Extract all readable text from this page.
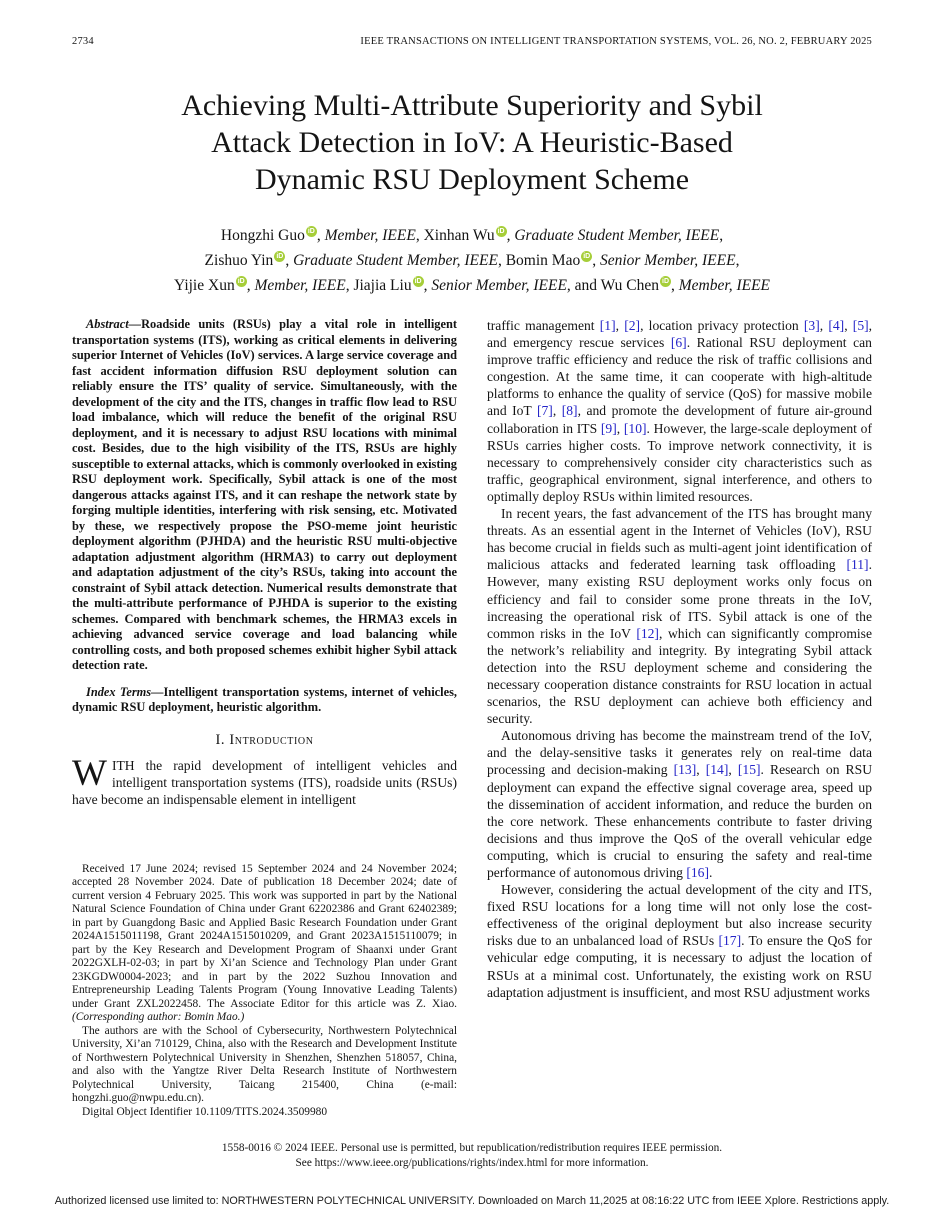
2734	IEEE TRANSACTIONS ON INTELLIGENT TRANSPORTATION SYSTEMS, VOL. 26, NO. 2, FEBRUARY 2025
Achieving Multi-Attribute Superiority and Sybil
Attack Detection in IoV: A Heuristic-Based
Dynamic RSU Deployment Scheme
Hongzhi Guo iD , Member, IEEE, Xinhan Wu iD , Graduate Student Member, IEEE,
Zishuo Yin iD , Graduate Student Member, IEEE, Bomin Mao iD , Senior Member, IEEE,
Yijie Xun iD , Member, IEEE, Jiajia Liu iD , Senior Member, IEEE, and Wu Chen iD , Member, IEEE

Abstract—Roadside units (RSUs) play a vital role in intelligent transportation systems (ITS), working as critical elements in delivering superior Internet of Vehicles (IoV) services. A large service coverage and fast accident information diffusion RSU deployment solution can reliably ensure the ITS’ quality of service. Simultaneously, with the development of the city and the ITS, changes in traffic flow lead to RSU load imbalance, which will reduce the benefit of the original RSU deployment, and it is necessary to adjust RSU locations with minimal cost. Besides, due to the high visibility of the ITS, RSUs are highly susceptible to external attacks, which is commonly overlooked in existing RSU deployment work. Specifically, Sybil attack is one of the most dangerous attacks against ITS, and it can reshape the network state by forging multiple identities, interfering with risk sensing, etc. Motivated by these, we respectively propose the PSO-meme joint heuristic deployment algorithm (PJHDA) and the heuristic RSU multi-objective adaptation adjustment algorithm (HRMA3) to carry out deployment and adaptation adjustment of the city’s RSUs, taking into account the constraint of Sybil attack detection. Numerical results demonstrate that the multi-attribute performance of PJHDA is superior to the existing schemes. Compared with benchmark schemes, the HRMA3 excels in achieving advanced service coverage and load balancing while controlling costs, and both proposed schemes exhibit higher Sybil attack detection rate.

Index Terms—Intelligent transportation systems, internet of vehicles, dynamic RSU deployment, heuristic algorithm.

I. Introduction

WITH the rapid development of intelligent vehicles and intelligent transportation systems (ITS), roadside units (RSUs) have become an indispensable element in intelligent

Received 17 June 2024; revised 15 September 2024 and 24 November 2024; accepted 28 November 2024. Date of publication 18 December 2024; date of current version 4 February 2025. This work was supported in part by the National Natural Science Foundation of China under Grant 62202386 and Grant 62402389; in part by Guangdong Basic and Applied Basic Research Foundation under Grant 2024A1515011198, Grant 2024A1515010209, and Grant 2023A1515110079; in part by the Key Research and Development Program of Shaanxi under Grant 2022GXLH-02-03; in part by Xi’an Science and Technology Plan under Grant 23KGDW0004-2023; and in part by the 2022 Suzhou Innovation and Entrepreneurship Leading Talents Program (Young Innovative Leading Talents) under Grant ZXL2022458. The Associate Editor for this article was Z. Xiao. (Corresponding author: Bomin Mao.)

The authors are with the School of Cybersecurity, Northwestern Polytechnical University, Xi’an 710129, China, also with the Research and Development Institute of Northwestern Polytechnical University in Shenzhen, Shenzhen 518057, China, and also with the Yangtze River Delta Research Institute of Northwestern Polytechnical University, Taicang 215400, China (e-mail: hongzhi.guo@nwpu.edu.cn).

Digital Object Identifier 10.1109/TITS.2024.3509980

traffic management [1], [2], location privacy protection [3], [4], [5], and emergency rescue services [6]. Rational RSU deployment can improve traffic efficiency and reduce the risk of traffic collisions and congestion. At the same time, it can cooperate with high-altitude platforms to enhance the quality of service (QoS) for massive mobile and IoT [7], [8], and promote the development of future air-ground collaboration in ITS [9], [10]. However, the large-scale deployment of RSUs carries higher costs. To improve network connectivity, it is necessary to comprehensively consider city characteristics such as traffic, geographical environment, signal interference, and others to optimally deploy RSUs within limited resources.

In recent years, the fast advancement of the ITS has brought many threats. As an essential agent in the Internet of Vehicles (IoV), RSU has become crucial in fields such as multi-agent joint identification of malicious attacks and federated learning task offloading [11]. However, many existing RSU deployment works only focus on efficiency and fail to consider some prone threats in the IoV, increasing the operational risk of ITS. Sybil attack is one of the common risks in the IoV [12], which can significantly compromise the network’s reliability and integrity. By integrating Sybil attack detection into the RSU deployment scheme and considering the necessary cooperation distance constraints for RSU location in actual scenarios, the RSU deployment can achieve both efficiency and security.

Autonomous driving has become the mainstream trend of the IoV, and the delay-sensitive tasks it generates rely on real-time data processing and decision-making [13], [14], [15]. Research on RSU deployment can expand the effective signal coverage area, speed up the dissemination of accident information, and reduce the burden on the core network. These enhancements contribute to faster driving decisions and thus improve the QoS of the overall vehicular edge computing, which is crucial to ensuring the safety and real-time performance of autonomous driving [16].

However, considering the actual development of the city and ITS, fixed RSU locations for a long time will not only lose the cost-effectiveness of the original deployment but also increase security risks due to an unbalanced load of RSUs [17]. To ensure the QoS for vehicular edge computing, it is necessary to adjust the location of RSUs at a minimal cost. Unfortunately, the existing work on RSU adaptation adjustment is insufficient, and most RSU adjustment works

1558-0016 © 2024 IEEE. Personal use is permitted, but republication/redistribution requires IEEE permission.
See https://www.ieee.org/publications/rights/index.html for more information.
Authorized licensed use limited to: NORTHWESTERN POLYTECHNICAL UNIVERSITY. Downloaded on March 11,2025 at 08:16:22 UTC from IEEE Xplore. Restrictions apply.
